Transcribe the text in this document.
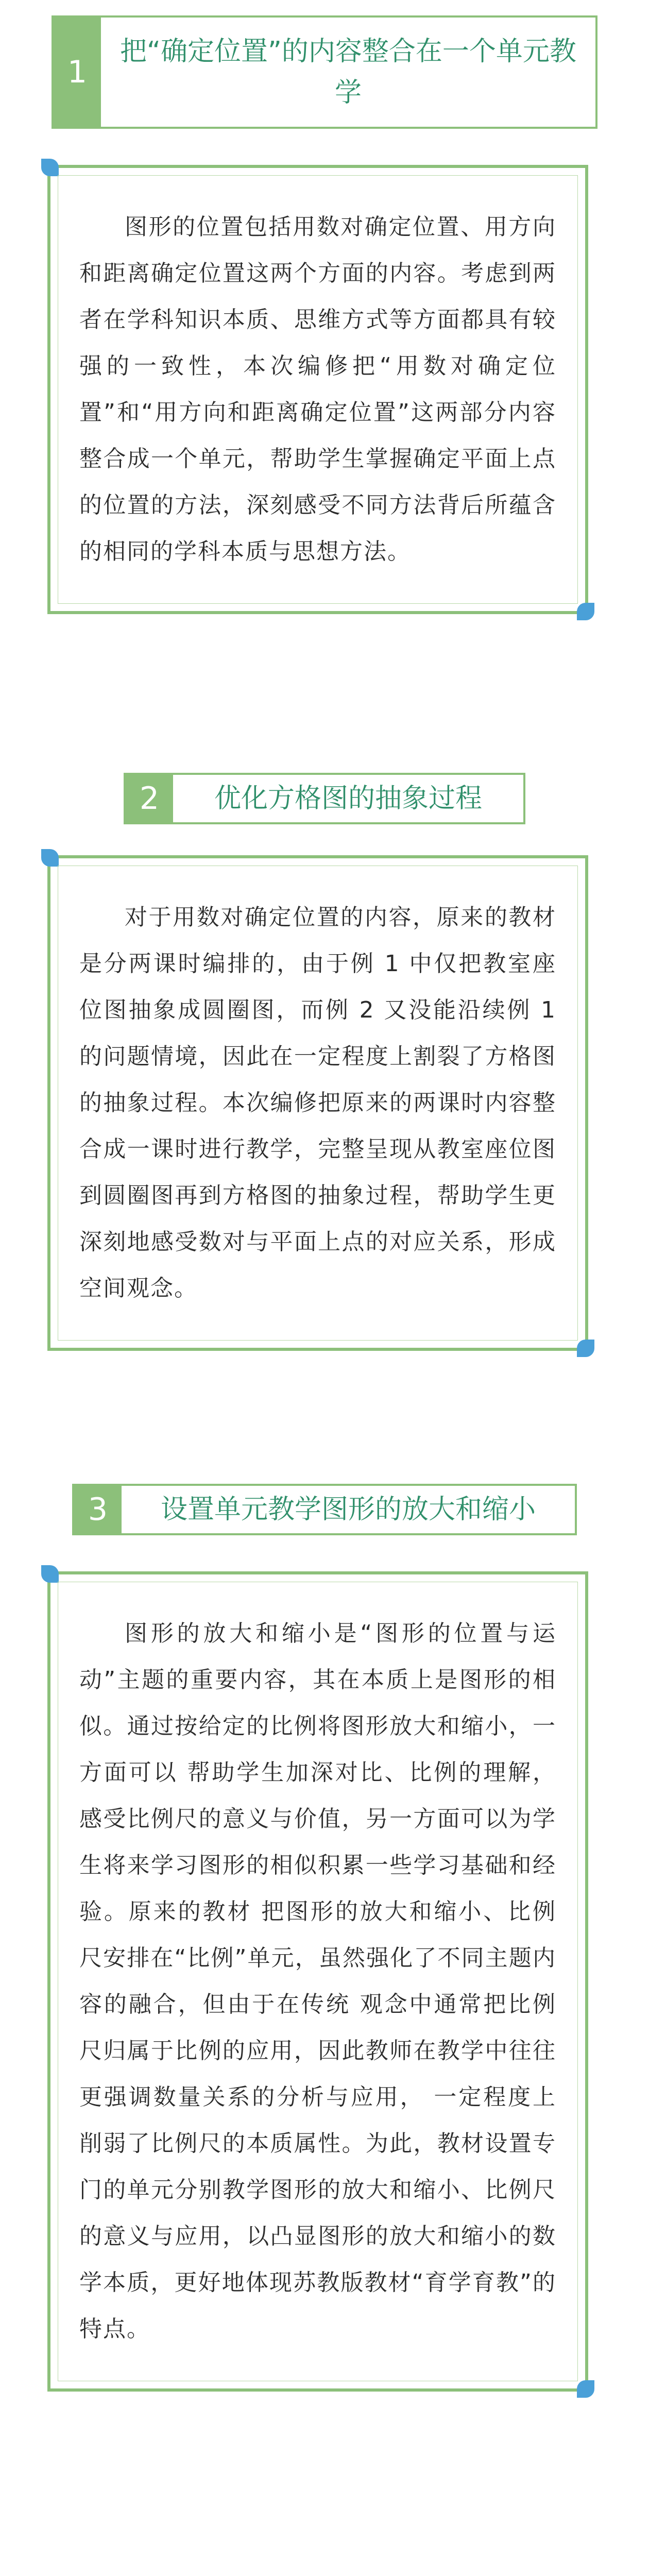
1
把“确定位置”的内容整合在一个单元教学

图形的位置包括用数对确定位置、用方向和距离确定位置这两个方面的内容。考虑到两者在学科知识本质、思维方式等方面都具有较强的一致性，本次编修把“用数对确定位置”和“用方向和距离确定位置”这两部分内容整合成一个单元，帮助学生掌握确定平面上点的位置的方法，深刻感受不同方法背后所蕴含的相同的学科本质与思想方法。

2	优化方格图的抽象过程

对于用数对确定位置的内容，原来的教材是分两课时编排的，由于例 1 中仅把教室座位图抽象成圆圈图，而例 2 又没能沿续例 1 的问题情境，因此在一定程度上割裂了方格图的抽象过程。本次编修把原来的两课时内容整合成一课时进行教学，完整呈现从教室座位图到圆圈图再到方格图的抽象过程，帮助学生更深刻地感受数对与平面上点的对应关系，形成空间观念。

3	设置单元教学图形的放大和缩小

图形的放大和缩小是“图形的位置与运动”主题的重要内容，其在本质上是图形的相似。通过按给定的比例将图形放大和缩小，一方面可以 帮助学生加深对比、比例的理解，感受比例尺的意义与价值，另一方面可以为学生将来学习图形的相似积累一些学习基础和经验。原来的教材 把图形的放大和缩小、比例尺安排在“比例”单元，虽然强化了不同主题内容的融合，但由于在传统 观念中通常把比例尺归属于比例的应用，因此教师在教学中往往更强调数量关系的分析与应用， 一定程度上削弱了比例尺的本质属性。为此，教材设置专门的单元分别教学图形的放大和缩小、比例尺的意义与应用，以凸显图形的放大和缩小的数学本质，更好地体现苏教版教材“育学育教”的特点。
